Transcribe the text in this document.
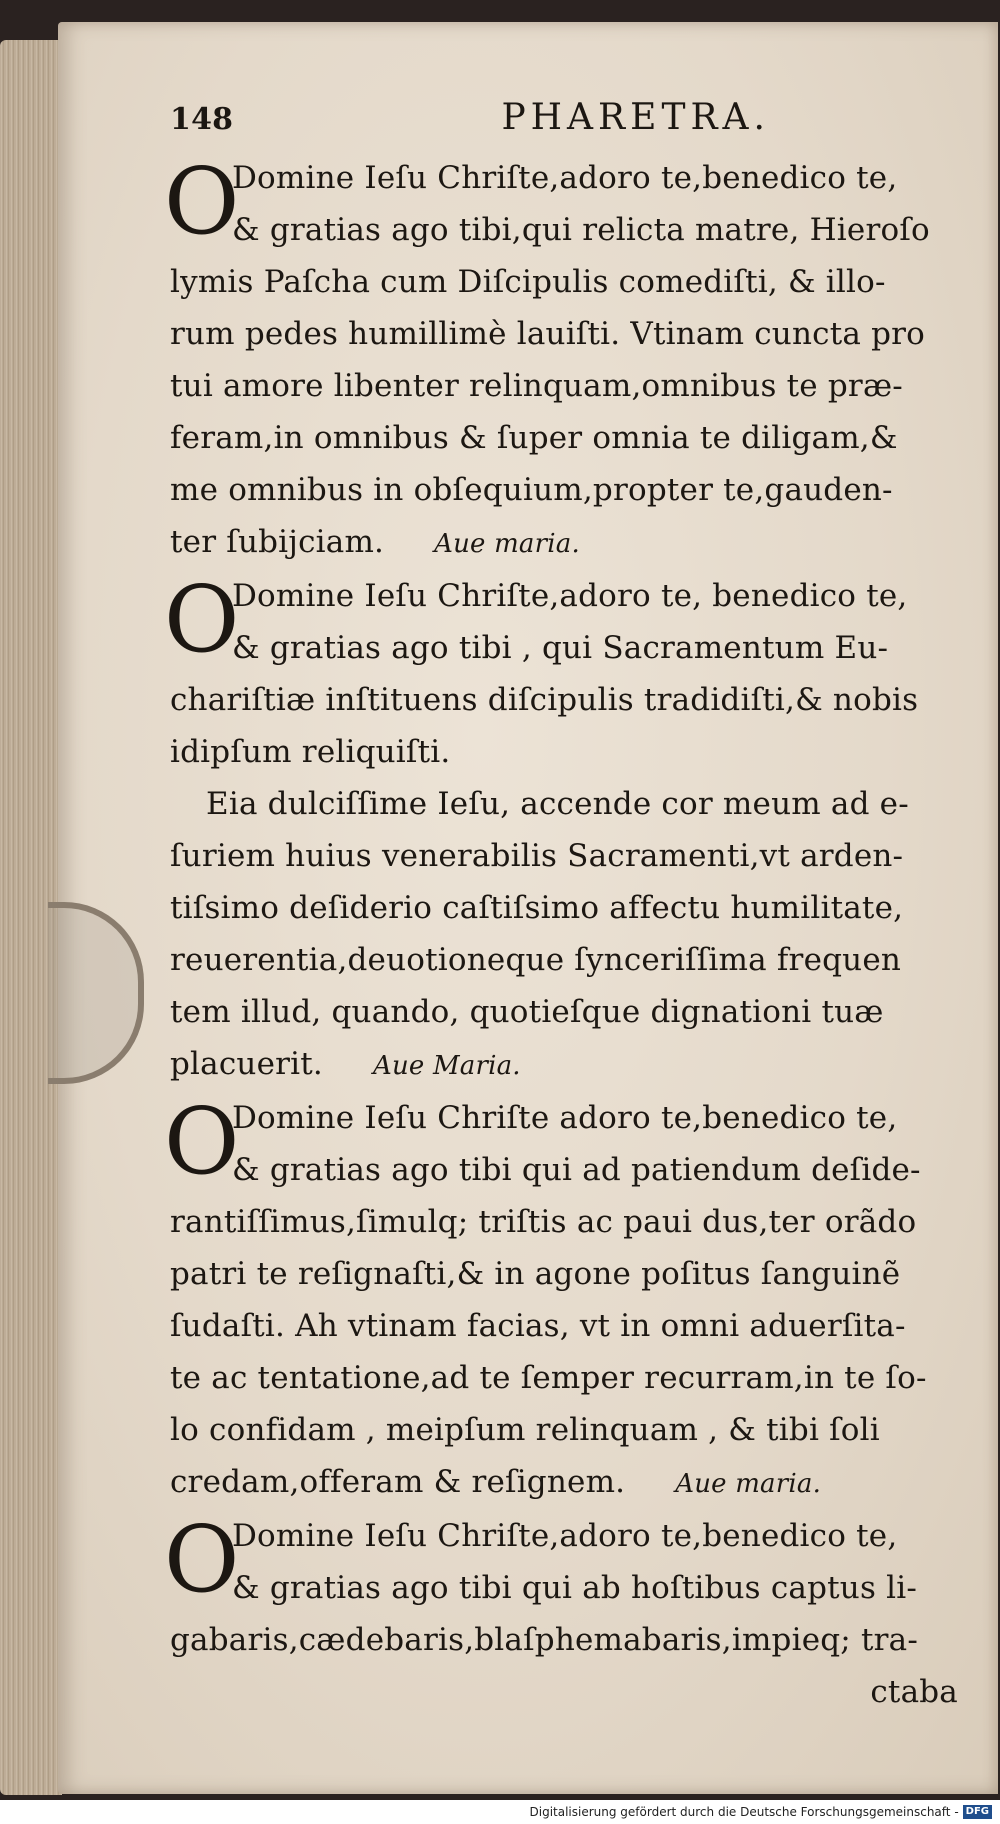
148	PHARETRA.
O
Domine Ieſu Chriſte,adoro te,benedico te,
& gratias ago tibi,qui relicta matre, Hieroſo
lymis Paſcha cum Diſcipulis comediſti, & illo-
rum pedes humillimè lauiſti. Vtinam cuncta pro
tui amore libenter relinquam,omnibus te præ-
feram,in omnibus & ſuper omnia te diligam,&
me omnibus in obſequium,propter te,gauden-
ter ſubijciam. Aue maria.
O
Domine Ieſu Chriſte,adoro te, benedico te,
& gratias ago tibi , qui Sacramentum Eu-
chariſtiæ inſtituens diſcipulis tradidiſti,& nobis
idipſum reliquiſti.
Eia dulciſſime Ieſu, accende cor meum ad e-
ſuriem huius venerabilis Sacramenti,vt arden-
tiſsimo deſiderio caſtiſsimo affectu humilitate,
reuerentia,deuotioneque ſynceriſſima frequen
tem illud, quando, quotieſque dignationi tuæ
placuerit. Aue Maria.
O
Domine Ieſu Chriſte adoro te,benedico te,
& gratias ago tibi qui ad patiendum deſide-
rantiſſimus,ſimulq; triſtis ac paui dus,ter orãdo
patri te reſignaſti,& in agone poſitus ſanguinẽ
ſudaſti. Ah vtinam facias, vt in omni aduerſita-
te ac tentatione,ad te ſemper recurram,in te ſo-
lo confidam , meipſum relinquam , & tibi ſoli
credam,offeram & reſignem. Aue maria.
O
Domine Ieſu Chriſte,adoro te,benedico te,
& gratias ago tibi qui ab hoſtibus captus li-
gabaris,cædebaris,blaſphemabaris,impieq; tra-
ctaba
Digitalisierung gefördert durch die Deutsche Forschungsgemeinschaft - DFG
